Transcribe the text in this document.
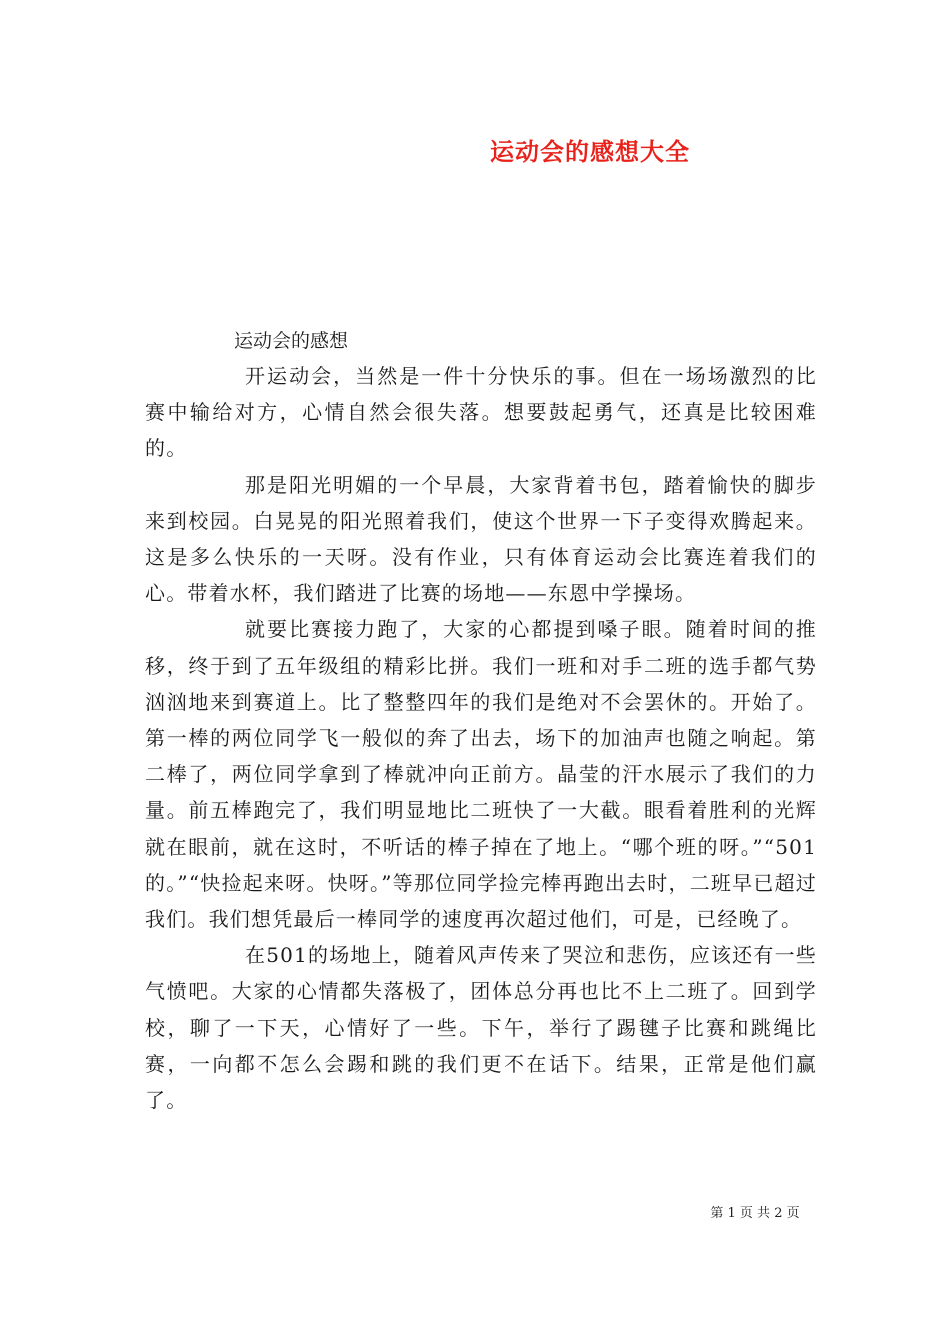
运动会的感想大全
运动会的感想

开运动会，当然是一件十分快乐的事。但在一场场激烈的比赛中输给对方，心情自然会很失落。想要鼓起勇气，还真是比较困难的。

那是阳光明媚的一个早晨，大家背着书包，踏着愉快的脚步来到校园。白晃晃的阳光照着我们，使这个世界一下子变得欢腾起来。这是多么快乐的一天呀。没有作业，只有体育运动会比赛连着我们的心。带着水杯，我们踏进了比赛的场地——东恩中学操场。

就要比赛接力跑了，大家的心都提到嗓子眼。随着时间的推移，终于到了五年级组的精彩比拼。我们一班和对手二班的选手都气势汹汹地来到赛道上。比了整整四年的我们是绝对不会罢休的。开始了。第一棒的两位同学飞一般似的奔了出去，场下的加油声也随之响起。第二棒了，两位同学拿到了棒就冲向正前方。晶莹的汗水展示了我们的力量。前五棒跑完了，我们明显地比二班快了一大截。眼看着胜利的光辉就在眼前，就在这时，不听话的棒子掉在了地上。“哪个班的呀。”“501的。”“快捡起来呀。快呀。”等那位同学捡完棒再跑出去时，二班早已超过我们。我们想凭最后一棒同学的速度再次超过他们，可是，已经晚了。

在501的场地上，随着风声传来了哭泣和悲伤，应该还有一些气愤吧。大家的心情都失落极了，团体总分再也比不上二班了。回到学校，聊了一下天，心情好了一些。下午，举行了踢毽子比赛和跳绳比赛，一向都不怎么会踢和跳的我们更不在话下。结果，正常是他们赢了。

第 1 页 共 2 页
